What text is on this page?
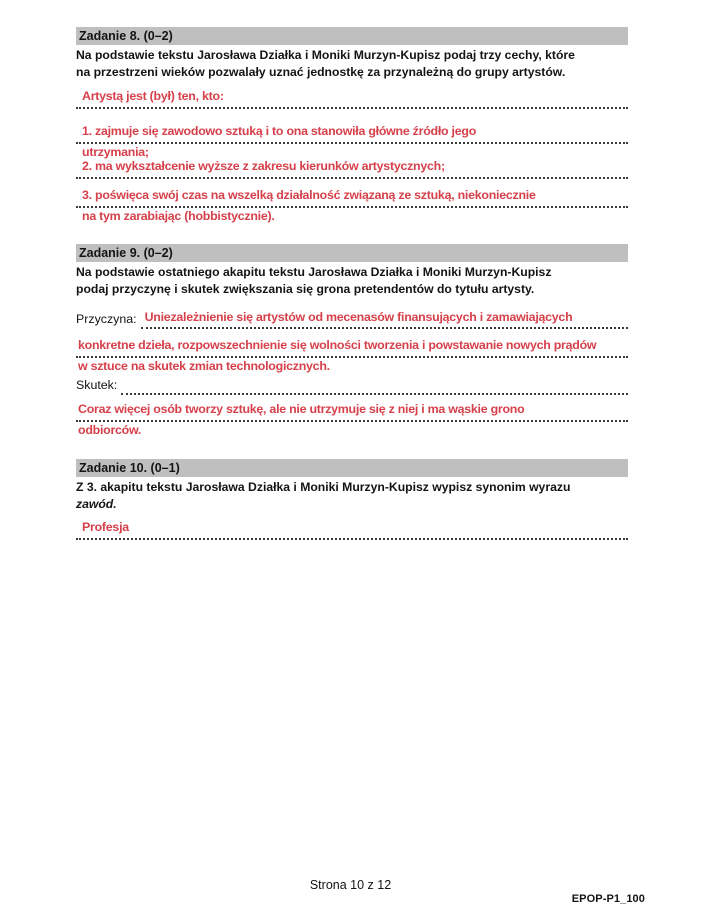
Zadanie 8. (0–2)
Na podstawie tekstu Jarosława Działka i Moniki Murzyn-Kupisz podaj trzy cechy, które
na przestrzeni wieków pozwalały uznać jednostkę za przynależną do grupy artystów.
Artystą jest (był) ten, kto:
1. zajmuje się zawodowo sztuką i to ona stanowiła główne źródło jego
utrzymania;
2. ma wykształcenie wyższe z zakresu kierunków artystycznych;
3. poświęca swój czas na wszelką działalność związaną ze sztuką, niekoniecznie
na tym zarabiając (hobbistycznie).
Zadanie 9. (0–2)
Na podstawie ostatniego akapitu tekstu Jarosława Działka i Moniki Murzyn-Kupisz
podaj przyczynę i skutek zwiększania się grona pretendentów do tytułu artysty.
Przyczyna: Uniezależnienie się artystów od mecenasów finansujących i zamawiających
konkretne dzieła, rozpowszechnienie się wolności tworzenia i powstawanie nowych prądów
w sztuce na skutek zmian technologicznych.
Skutek:
Coraz więcej osób tworzy sztukę, ale nie utrzymuje się z niej i ma wąskie grono
odbiorców.
Zadanie 10. (0–1)
Z 3. akapitu tekstu Jarosława Działka i Moniki Murzyn-Kupisz wypisz synonim wyrazu
zawód.
Profesja
Strona 10 z 12
EPOP-P1_100
